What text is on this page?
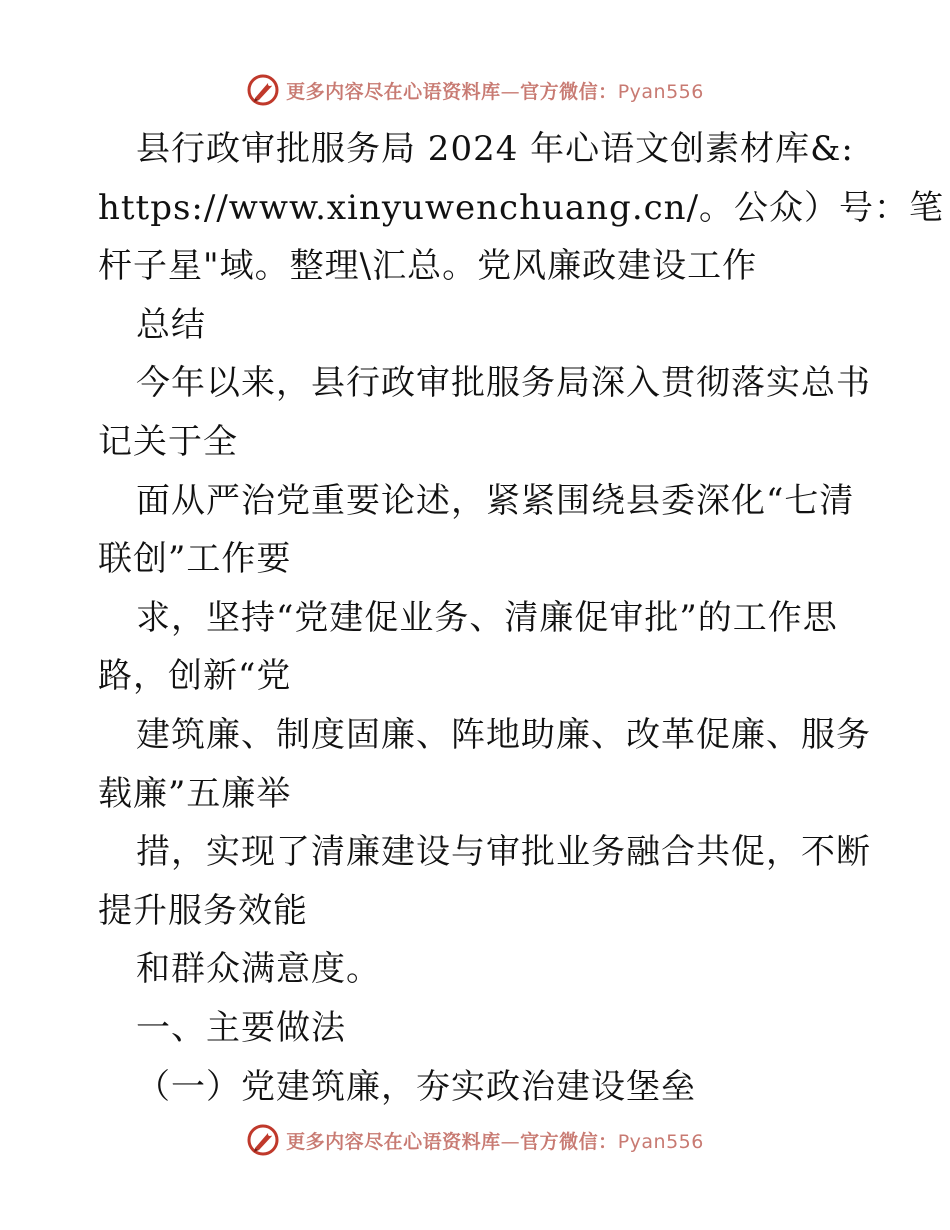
更多内容尽在心语资料库—官方微信：Pyan556
县行政审批服务局 2024 年心语文创素材库&:
https://www.xinyuwenchuang.cn/。公众）号：笔
杆子星"域。整理\汇总。党风廉政建设工作
总结
今年以来，县行政审批服务局深入贯彻落实总书
记关于全
面从严治党重要论述，紧紧围绕县委深化“七清
联创”工作要
求，坚持“党建促业务、清廉促审批”的工作思
路，创新“党
建筑廉、制度固廉、阵地助廉、改革促廉、服务
载廉”五廉举
措，实现了清廉建设与审批业务融合共促，不断
提升服务效能
和群众满意度。
一、主要做法
（一）党建筑廉，夯实政治建设堡垒
更多内容尽在心语资料库—官方微信：Pyan556
